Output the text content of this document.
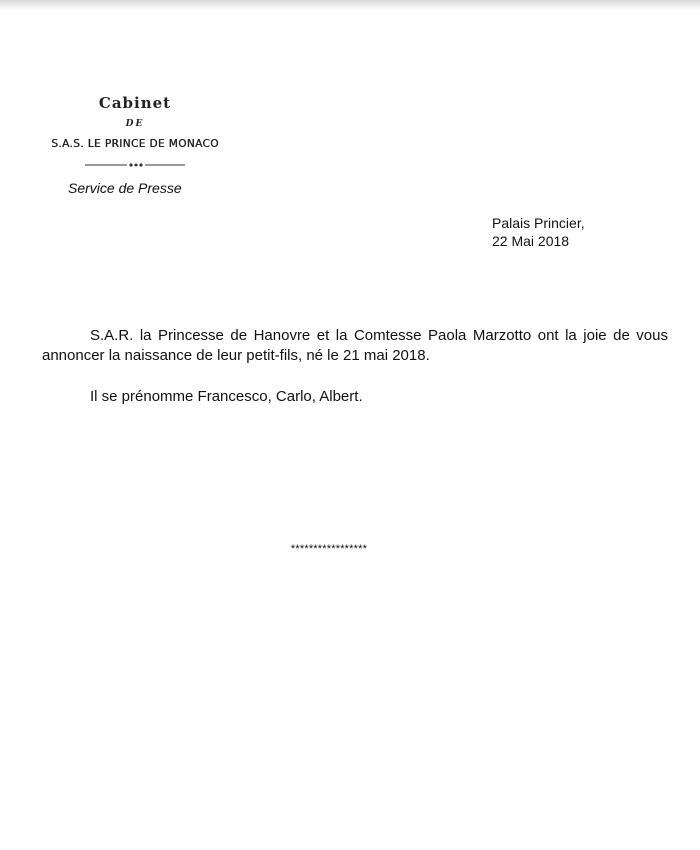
Cabinet
DE
S.A.S. LE PRINCE DE MONACO
Service de Presse
Palais Princier,
22 Mai 2018

S.A.R. la Princesse de Hanovre et la Comtesse Paola Marzotto ont la joie de vous annoncer la naissance de leur petit-fils, né le 21 mai 2018.

Il se prénomme Francesco, Carlo, Albert.

*****************
